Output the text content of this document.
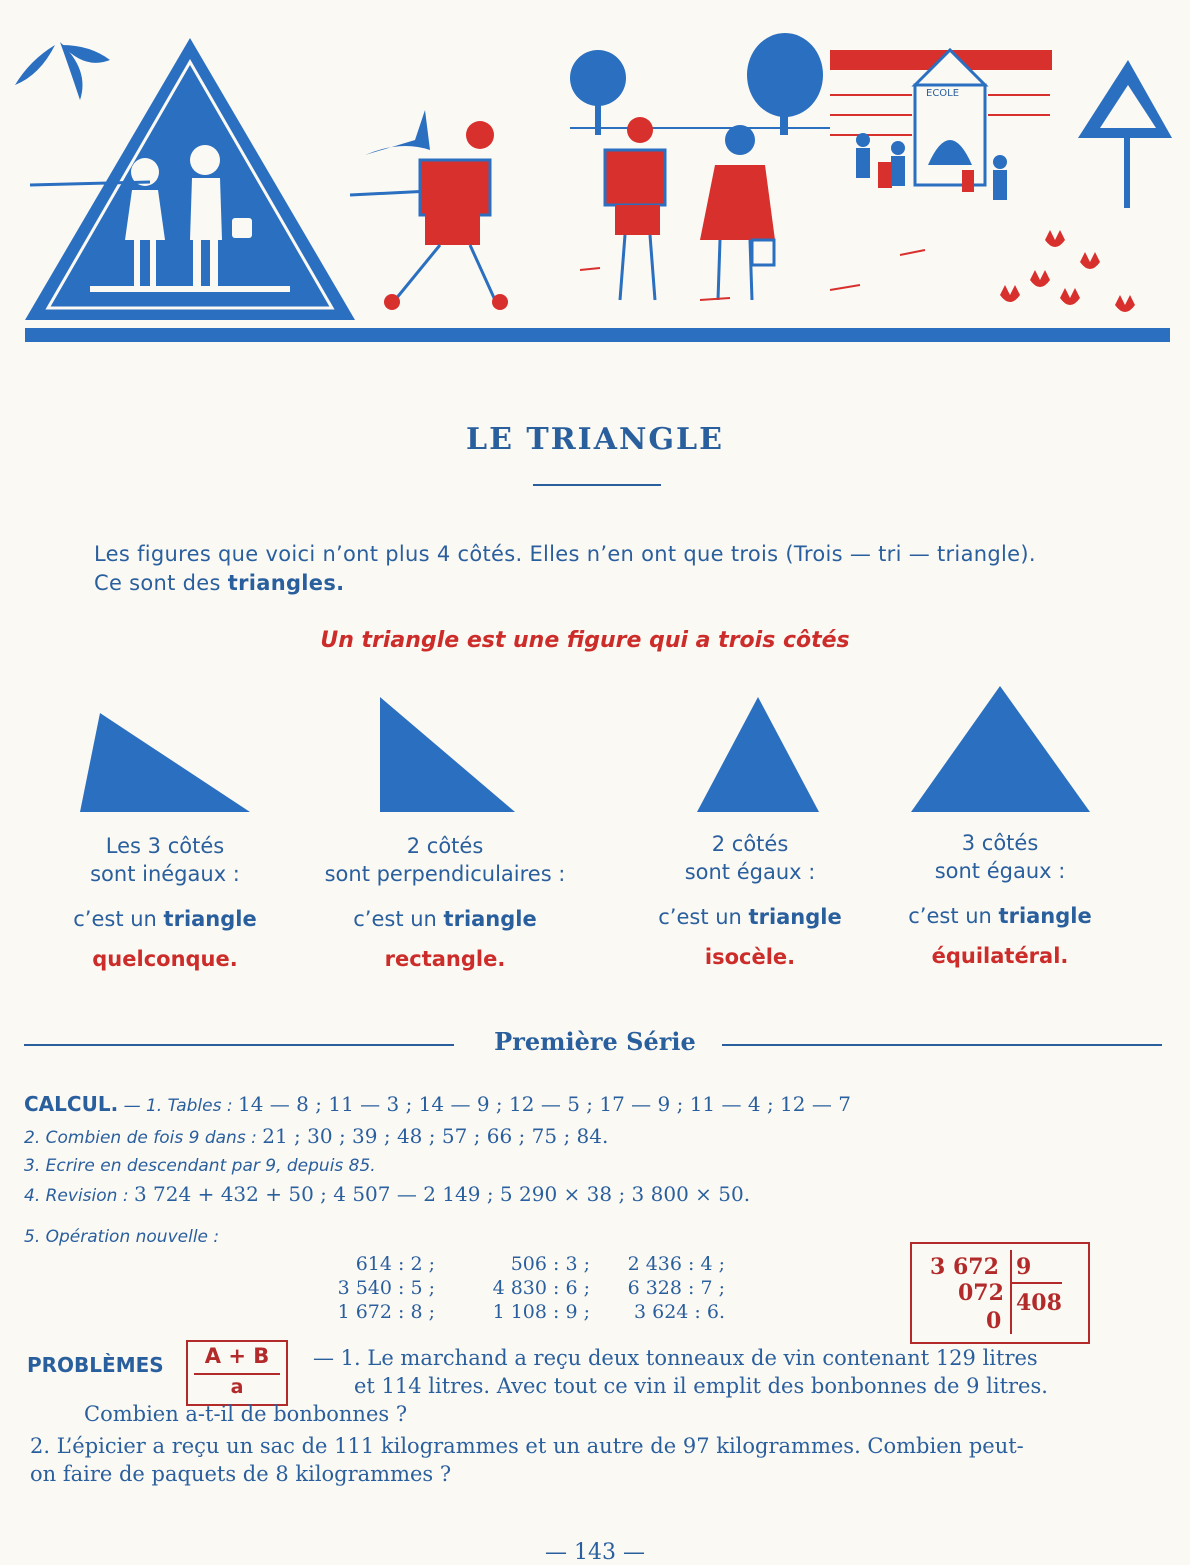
ECOLE
LE TRIANGLE
Les figures que voici n’ont plus 4 côtés. Elles n’en ont que trois (Trois — tri — triangle).
Ce sont des triangles.
Un triangle est une figure qui a trois côtés
Les 3 côtés
sont inégaux :
c’est un triangle
quelconque.
2 côtés
sont perpendiculaires :
c’est un triangle
rectangle.
2 côtés
sont égaux :
c’est un triangle
isocèle.
3 côtés
sont égaux :
c’est un triangle
équilatéral.
Première Série
CALCUL. — 1. Tables : 14 — 8 ; 11 — 3 ; 14 — 9 ; 12 — 5 ; 17 — 9 ; 11 — 4 ; 12 — 7
2. Combien de fois 9 dans : 21 ; 30 ; 39 ; 48 ; 57 ; 66 ; 75 ; 84.
3. Ecrire en descendant par 9, depuis 85.
4. Revision : 3 724 + 432 + 50 ; 4 507 — 2 149 ; 5 290 × 38 ; 3 800 × 50.
5. Opération nouvelle :
614 : 2 ;
3 540 : 5 ;
1 672 : 8 ;
506 : 3 ;
4 830 : 6 ;
1 108 : 9 ;
2 436 : 4 ;
6 328 : 7 ;
3 624 : 6.
3 672 9
072 408
0
PROBLÈMES	A + B
a
— 1. Le marchand a reçu deux tonneaux de vin contenant 129 litres
et 114 litres. Avec tout ce vin il emplit des bonbonnes de 9 litres.
Combien a-t-il de bonbonnes ?
2. L’épicier a reçu un sac de 111 kilogrammes et un autre de 97 kilogrammes. Combien peut-
on faire de paquets de 8 kilogrammes ?
— 143 —
